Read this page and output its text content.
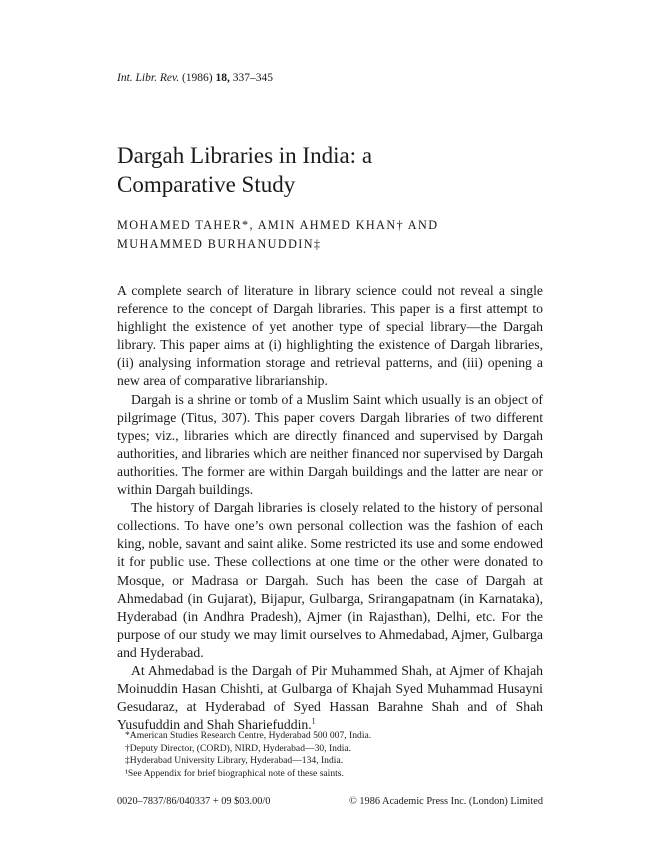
Int. Libr. Rev. (1986) 18, 337–345
Dargah Libraries in India: a
Comparative Study
MOHAMED TAHER*, AMIN AHMED KHAN† AND
MUHAMMED BURHANUDDIN‡

A complete search of literature in library science could not reveal a single reference to the concept of Dargah libraries. This paper is a first attempt to highlight the existence of yet another type of special library—the Dargah library. This paper aims at (i) highlighting the existence of Dargah libraries, (ii) analysing information storage and retrieval patterns, and (iii) opening a new area of comparative librarianship.

Dargah is a shrine or tomb of a Muslim Saint which usually is an object of pilgrimage (Titus, 307). This paper covers Dargah libraries of two different types; viz., libraries which are directly financed and supervised by Dargah authorities, and libraries which are neither financed nor supervised by Dargah authorities. The former are within Dargah buildings and the latter are near or within Dargah buildings.

The history of Dargah libraries is closely related to the history of personal collections. To have one’s own personal collection was the fashion of each king, noble, savant and saint alike. Some restricted its use and some endowed it for public use. These collections at one time or the other were donated to Mosque, or Madrasa or Dargah. Such has been the case of Dargah at Ahmedabad (in Gujarat), Bijapur, Gulbarga, Srirangapatnam (in Karnataka), Hyderabad (in Andhra Pradesh), Ajmer (in Rajasthan), Delhi, etc. For the purpose of our study we may limit ourselves to Ahmedabad, Ajmer, Gulbarga and Hyderabad.

At Ahmedabad is the Dargah of Pir Muhammed Shah, at Ajmer of Khajah Moinuddin Hasan Chishti, at Gulbarga of Khajah Syed Muhammad Husayni Gesudaraz, at Hyderabad of Syed Hassan Barahne Shah and of Shah Yusufuddin and Shah Shariefuddin.$^1$

*American Studies Research Centre, Hyderabad 500 007, India.
†Deputy Director, (CORD), NIRD, Hyderabad—30, India.
‡Hyderabad University Library, Hyderabad—134, India.
¹See Appendix for brief biographical note of these saints.
0020–7837/86/040337 + 09 $03.00/0	© 1986 Academic Press Inc. (London) Limited
